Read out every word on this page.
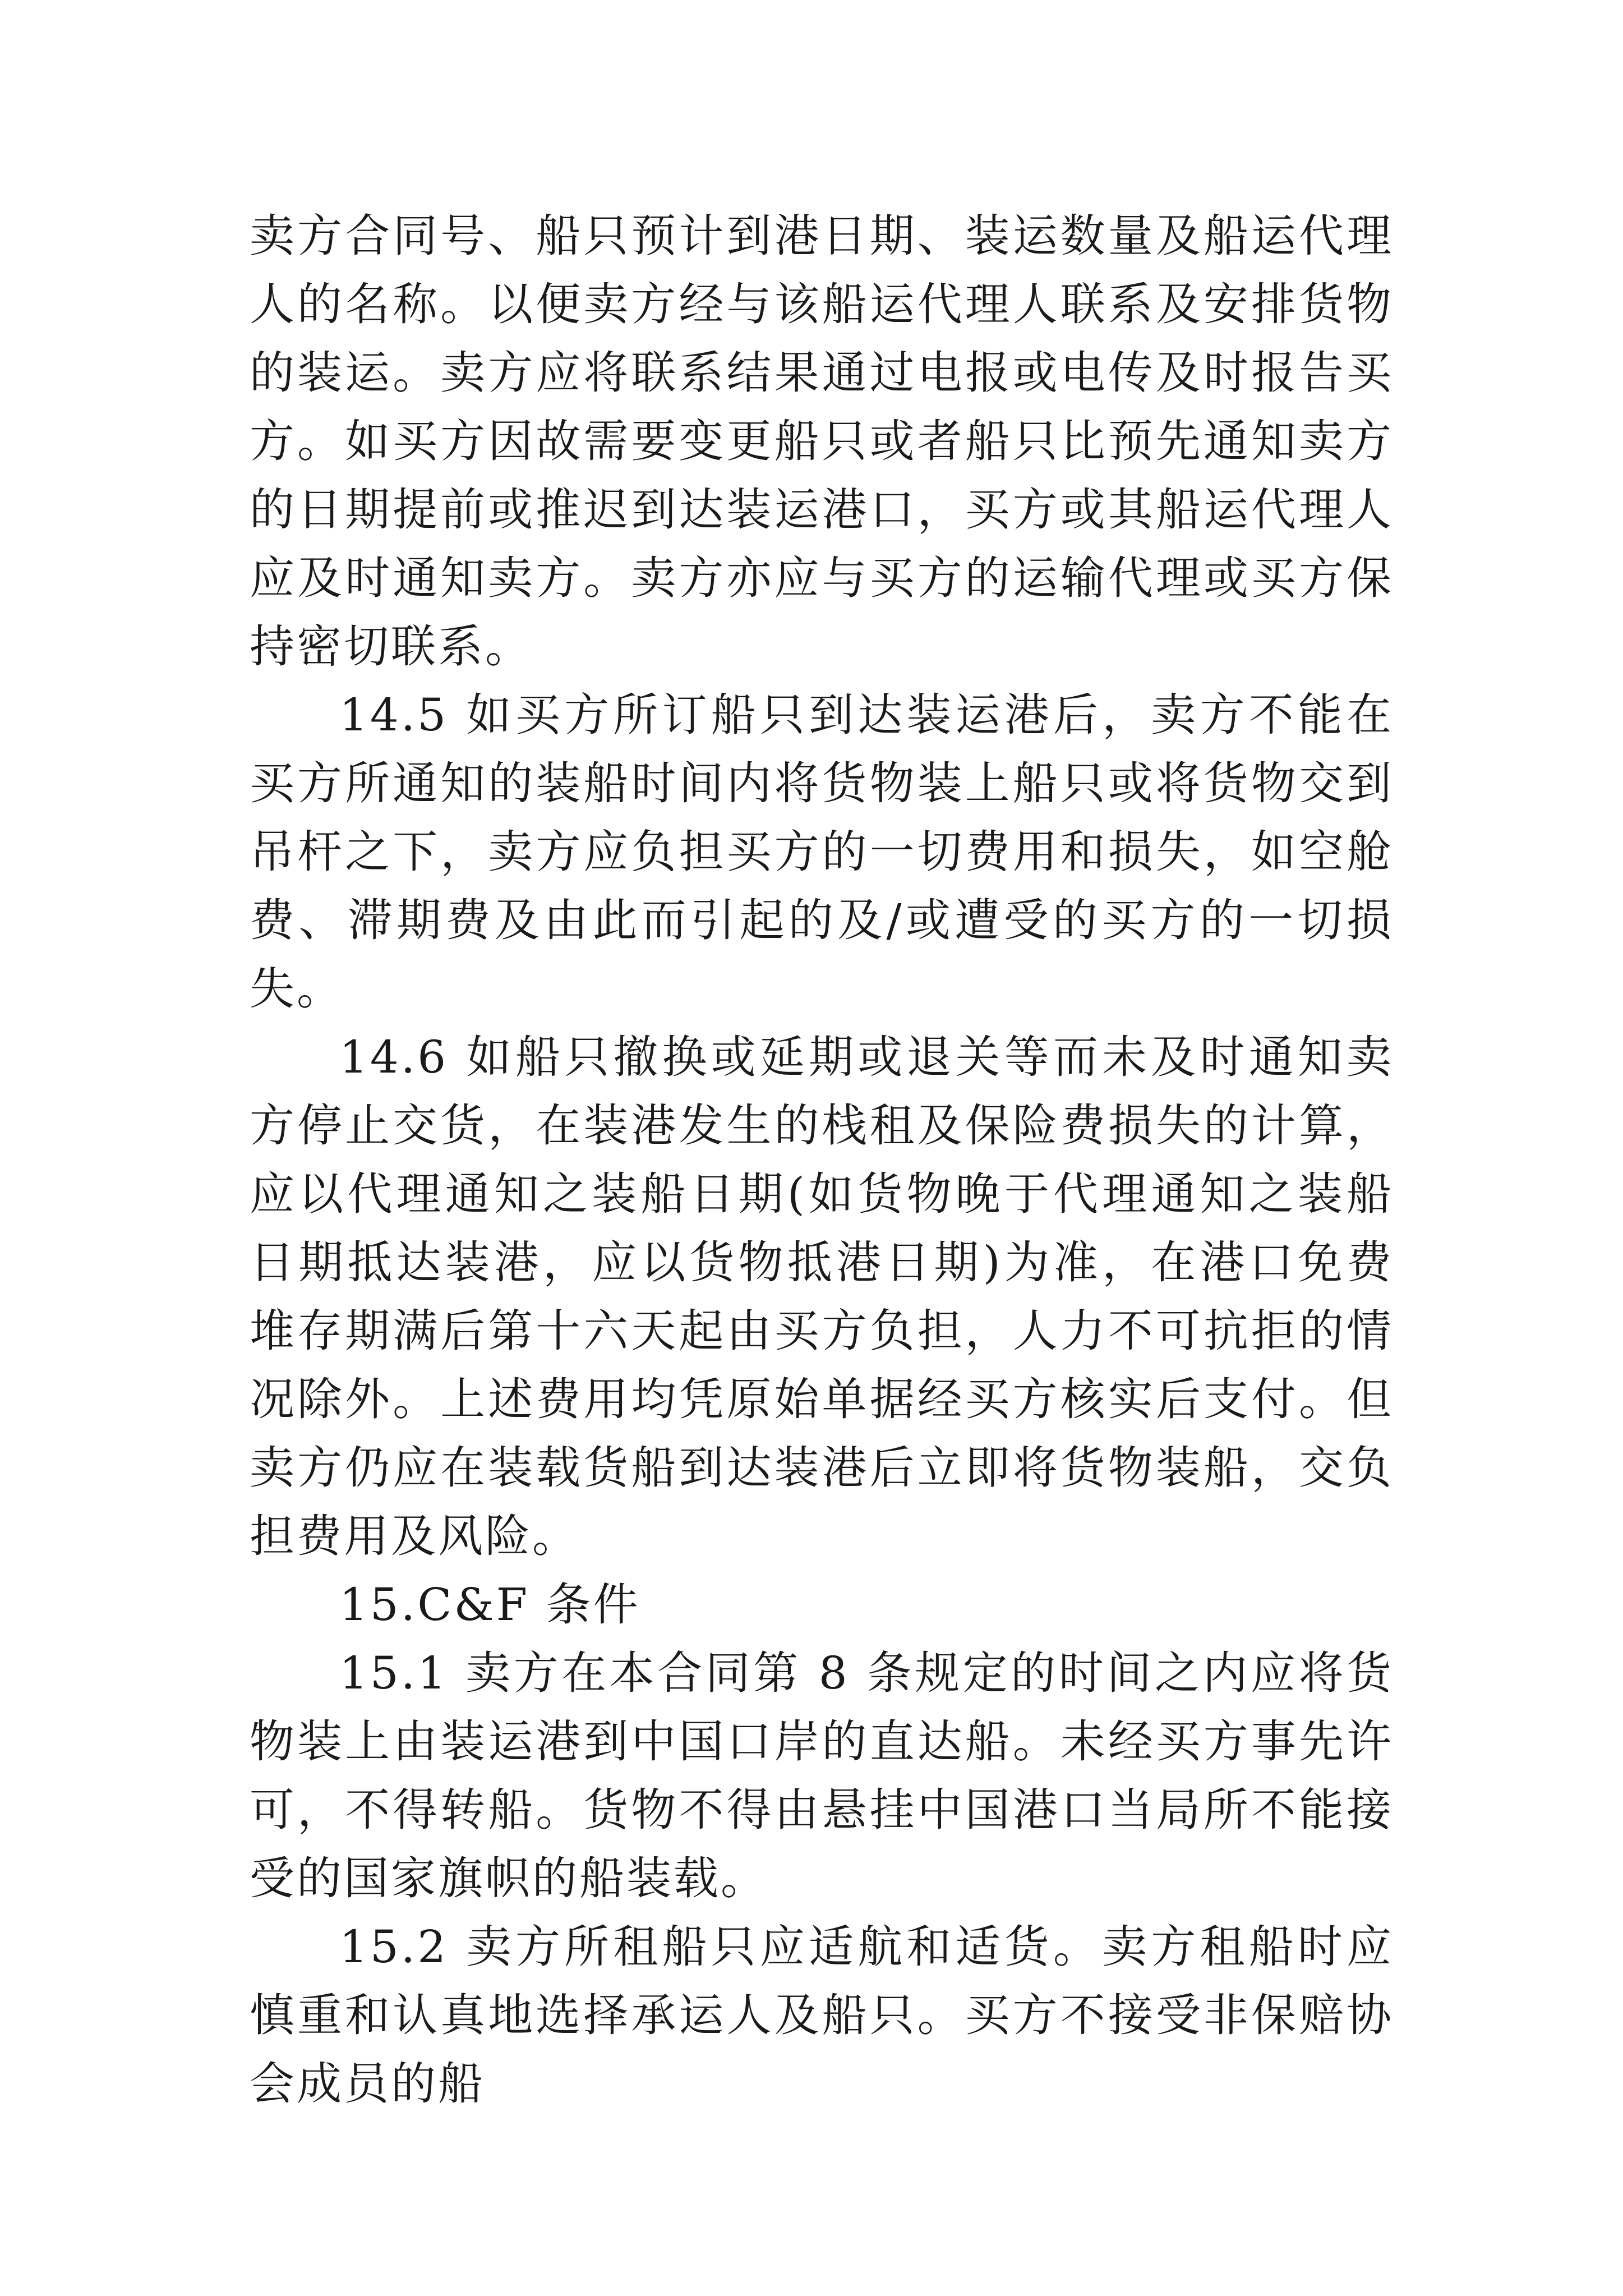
卖方合同号、船只预计到港日期、装运数量及船运代理人的名称。以便卖方经与该船运代理人联系及安排货物的装运。卖方应将联系结果通过电报或电传及时报告买方。如买方因故需要变更船只或者船只比预先通知卖方的日期提前或推迟到达装运港口，买方或其船运代理人应及时通知卖方。卖方亦应与买方的运输代理或买方保持密切联系。

14.5 如买方所订船只到达装运港后，卖方不能在买方所通知的装船时间内将货物装上船只或将货物交到吊杆之下，卖方应负担买方的一切费用和损失，如空舱费、滞期费及由此而引起的及/或遭受的买方的一切损失。

14.6 如船只撤换或延期或退关等而未及时通知卖方停止交货，在装港发生的栈租及保险费损失的计算，应以代理通知之装船日期(如货物晚于代理通知之装船日期抵达装港，应以货物抵港日期)为准，在港口免费堆存期满后第十六天起由买方负担，人力不可抗拒的情况除外。上述费用均凭原始单据经买方核实后支付。但卖方仍应在装载货船到达装港后立即将货物装船，交负担费用及风险。

15.C&F 条件

15.1 卖方在本合同第 8 条规定的时间之内应将货物装上由装运港到中国口岸的直达船。未经买方事先许可，不得转船。货物不得由悬挂中国港口当局所不能接受的国家旗帜的船装载。

15.2 卖方所租船只应适航和适货。卖方租船时应慎重和认真地选择承运人及船只。买方不接受非保赔协会成员的船
